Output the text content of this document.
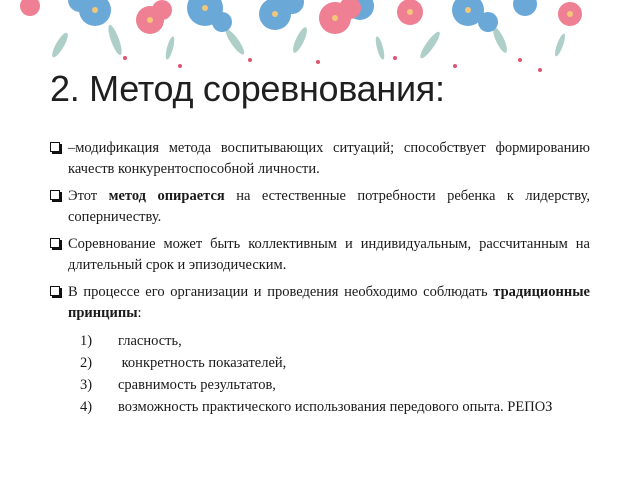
2. Метод соревнования:
–модификация метода воспитывающих ситуаций; способствует формированию качеств конкурентоспособной личности.
Этот метод опирается на естественные потребности ребенка к лидерству, соперничеству.
Соревнование может быть коллективным и индивидуальным, рассчитанным на длительный срок и эпизодическим.
В процессе его организации и проведения необходимо соблюдать традиционные принципы:
1) гласность,
2) конкретность показателей,
3) сравнимость результатов,
4) возможность практического использования передового опыта. РЕПОЗ
